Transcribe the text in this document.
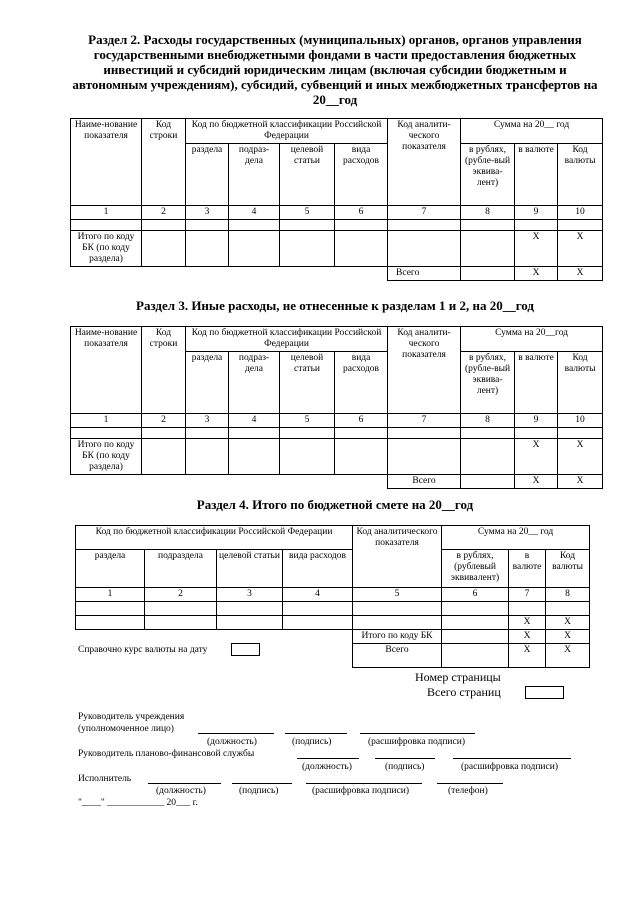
Раздел 2. Расходы государственных (муниципальных) органов, органов управления государственными внебюджетными фондами в части предоставления бюджетных инвестиций и субсидий юридическим лицам (включая субсидии бюджетным и автономным учреждениям), субсидий, субвенций и иных межбюджетных трансфертов на 20__год
Наиме-нование показателя	Код строки	Код по бюджетной классификации Российской Федерации				Код аналити-ческого показателя	Сумма на 20__ год		
		раздела	подраз-дела	целевой статьи	вида расходов		в рублях, (рубле-вый эквива-лент)	в валюте	Код валюты
1	2	3	4	5	6	7	8	9	10

Итого по коду БК (по коду раздела)								X	X
						Всего		X	X
Раздел 3. Иные расходы, не отнесенные к разделам 1 и 2, на 20__год
Наиме-нование показателя	Код строки	Код по бюджетной классификации Российской Федерации				Код аналити-ческого показателя	Сумма на 20__год		
		раздела	подраз-дела	целевой статьи	вида расходов		в рублях, (рубле-вый эквива-лент)	в валюте	Код валюты
1	2	3	4	5	6	7	8	9	10

Итого по коду БК (по коду раздела)								X	X
						Всего		X	X
Раздел 4. Итого по бюджетной смете на 20__год
Код по бюджетной классификации Российской Федерации				Код аналитического показателя	Сумма на 20__ год		
раздела	подраздела	целевой статьи	вида расходов		в рублях, (рублевый эквивалент)	в валюте	Код валюты
1	2	3	4	5	6	7	8

						X	X
				Итого по коду БК		X	X
				Всего		X	X
Справочно курс валюты на дату
Номер страницы
Всего страниц
Руководитель учреждения
(уполномоченное лицо)
(должность)	(подпись)	(расшифровка подписи)
Руководитель планово-финансовой службы
(должность)	(подпись)	(расшифровка подписи)
Исполнитель
(должность)	(подпись)	(расшифровка подписи)	(телефон)
"____" ____________ 20___ г.
